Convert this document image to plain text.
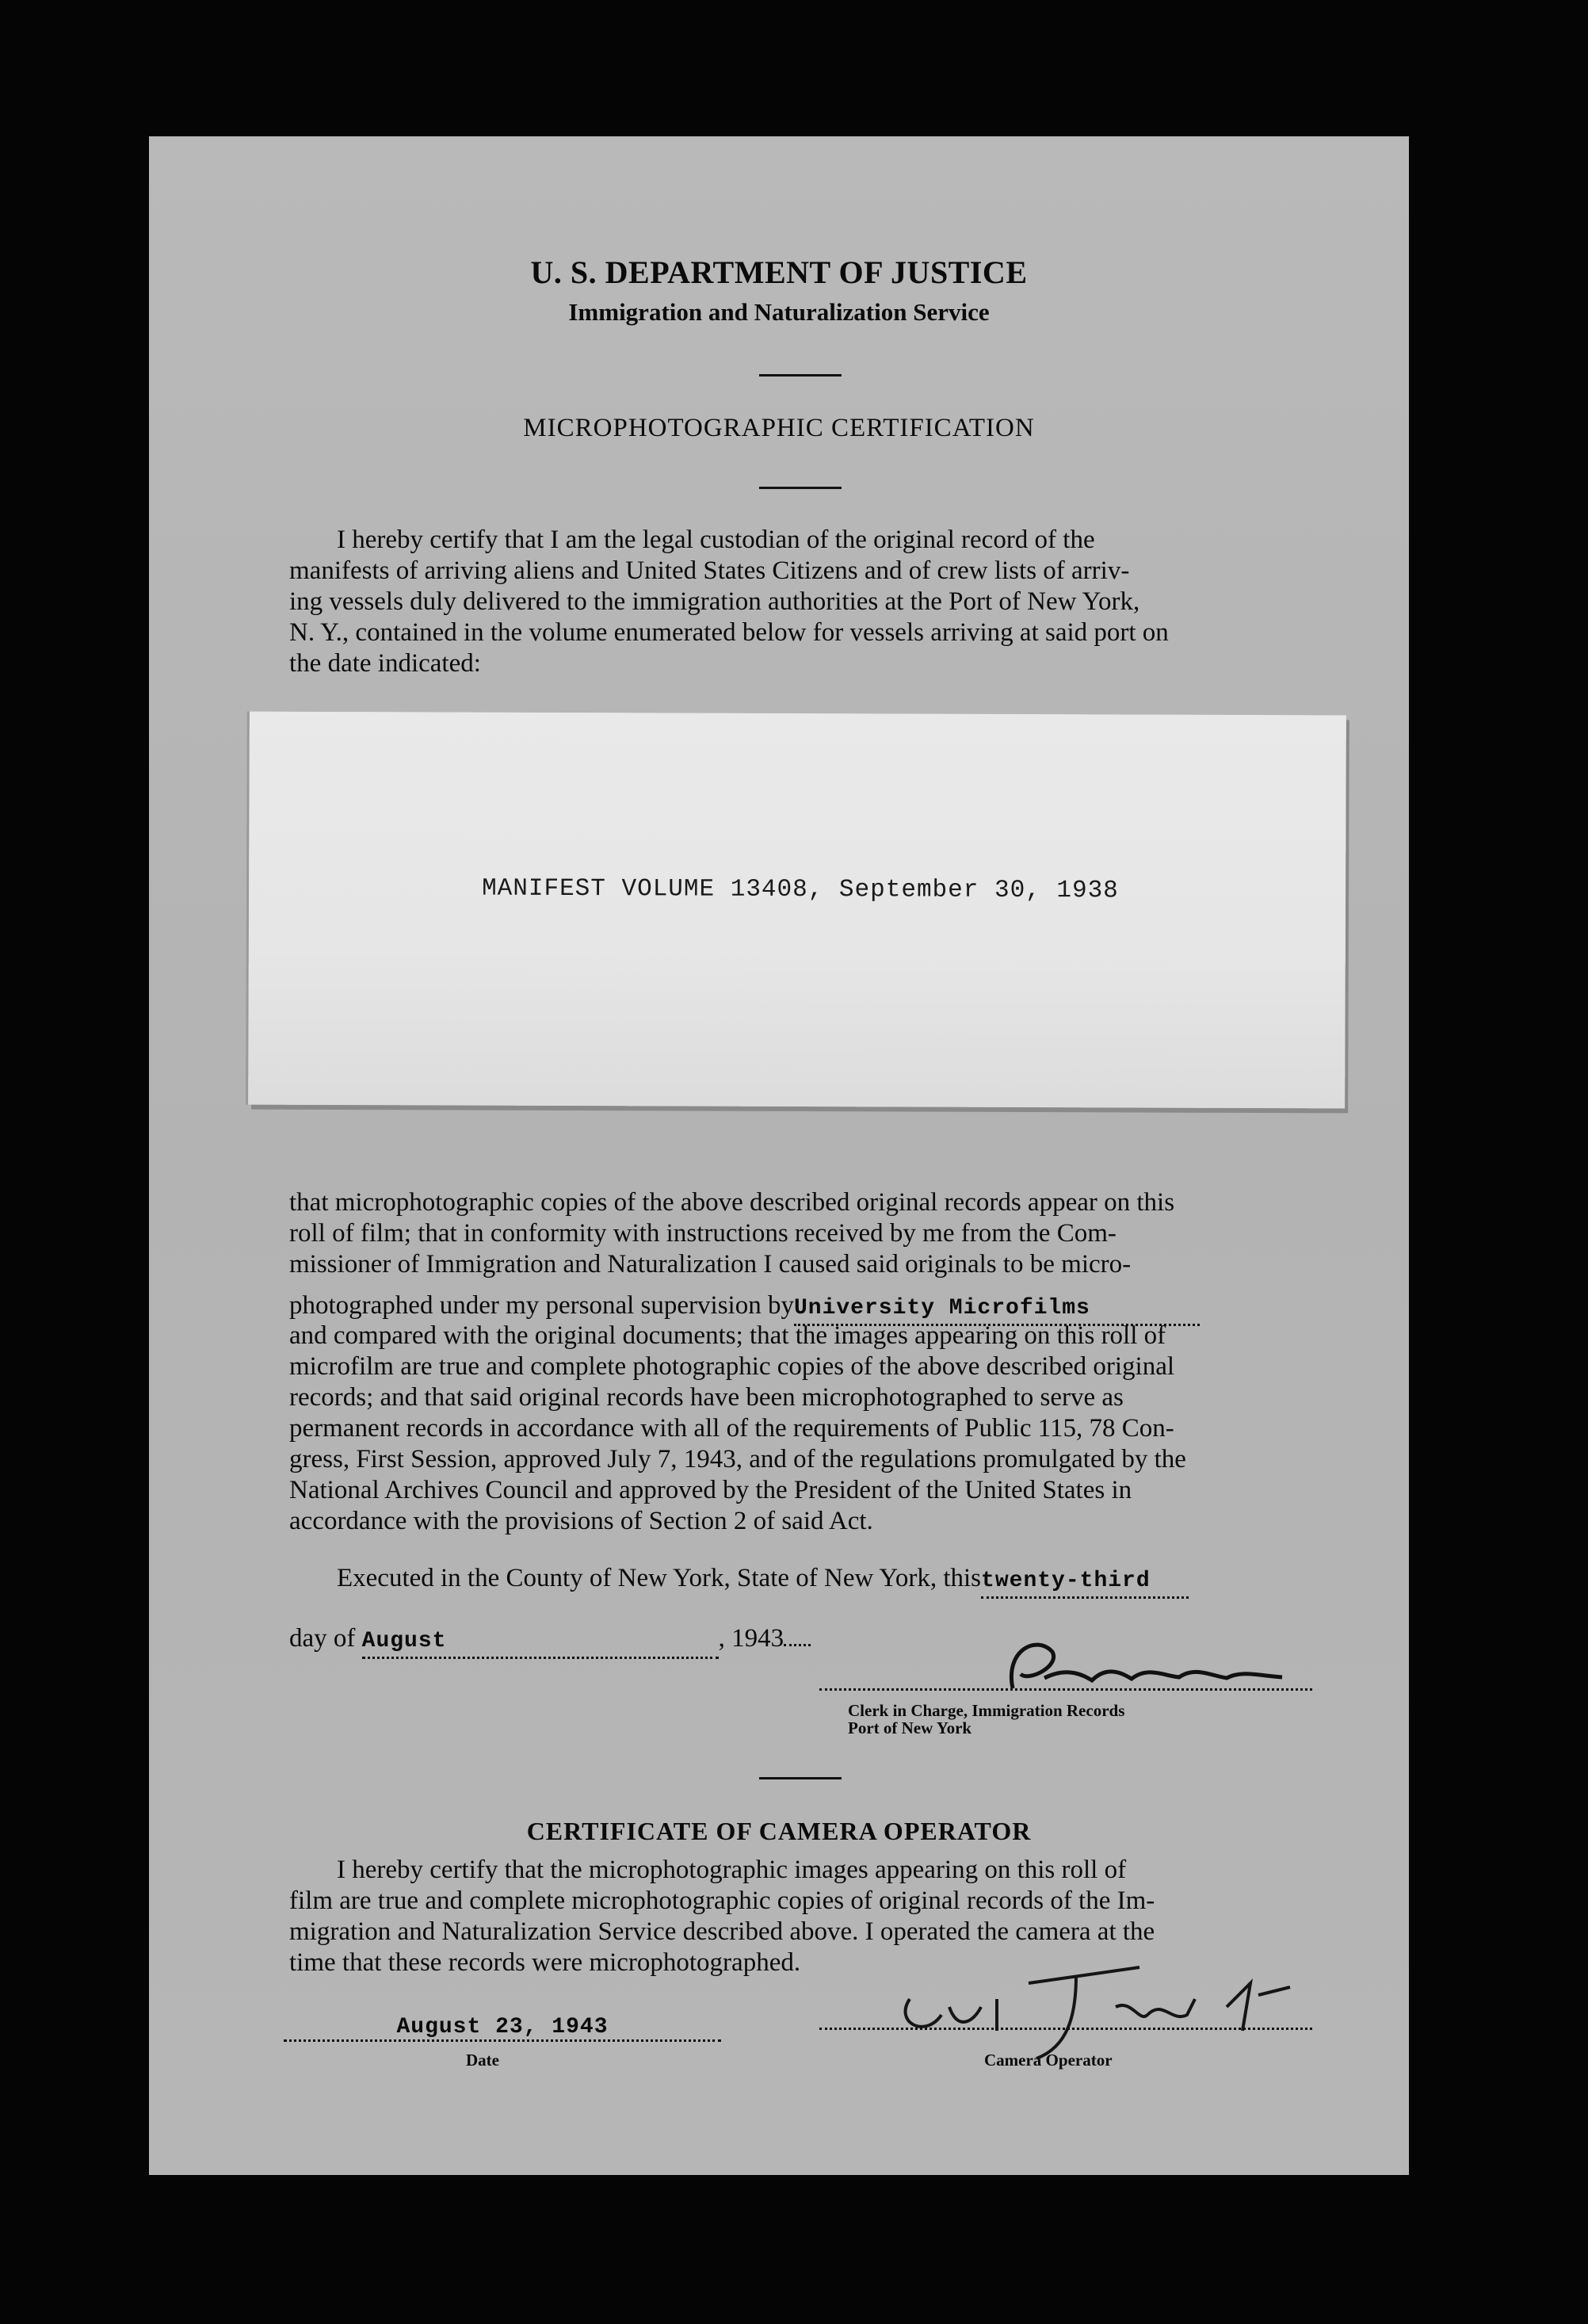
U. S. DEPARTMENT OF JUSTICE
Immigration and Naturalization Service
MICROPHOTOGRAPHIC CERTIFICATION

I hereby certify that I am the legal custodian of the original record of the

manifests of arriving aliens and United States Citizens and of crew lists of arriv-

ing vessels duly delivered to the immigration authorities at the Port of New York,

N. Y., contained in the volume enumerated below for vessels arriving at said port on

the date indicated:

MANIFEST VOLUME 13408, September 30, 1938

that microphotographic copies of the above described original records appear on this

roll of film; that in conformity with instructions received by me from the Com-

missioner of Immigration and Naturalization I caused said originals to be micro-

photographed under my personal supervision byUniversity Microfilms

and compared with the original documents; that the images appearing on this roll of

microfilm are true and complete photographic copies of the above described original

records; and that said original records have been microphotographed to serve as

permanent records in accordance with all of the requirements of Public 115, 78 Con-

gress, First Session, approved July 7, 1943, and of the regulations promulgated by the

National Archives Council and approved by the President of the United States in

accordance with the provisions of Section 2 of said Act.

Executed in the County of New York, State of New York, thistwenty-third
day of August	, 1943
Clerk in Charge, Immigration Records
Port of New York
CERTIFICATE OF CAMERA OPERATOR

I hereby certify that the microphotographic images appearing on this roll of

film are true and complete microphotographic copies of original records of the Im-

migration and Naturalization Service described above. I operated the camera at the

time that these records were microphotographed.

August 23, 1943
Date	Camera Operator
